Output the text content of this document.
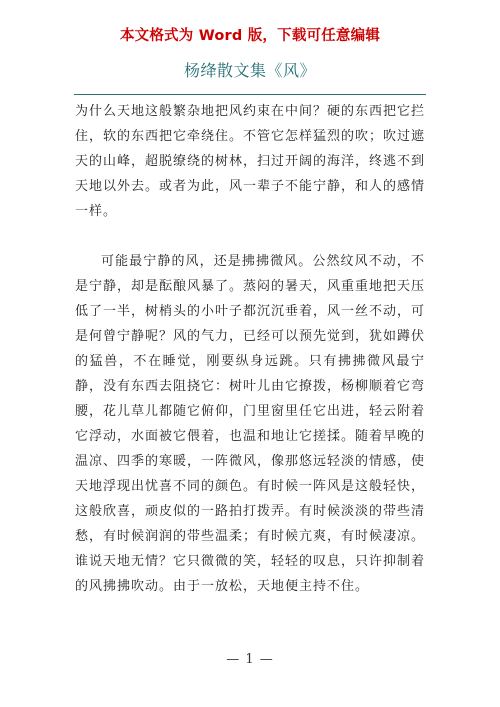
本文格式为 Word 版，下载可任意编辑
杨绛散文集《风》

为什么天地这般繁杂地把风约束在中间？硬的东西把它拦住，软的东西把它牵绕住。不管它怎样猛烈的吹；吹过遮天的山峰，超脱缭绕的树林，扫过开阔的海洋，终逃不到天地以外去。或者为此，风一辈子不能宁静，和人的感情一样。

可能最宁静的风，还是拂拂微风。公然纹风不动，不是宁静，却是酝酿风暴了。蒸闷的暑天，风重重地把天压低了一半，树梢头的小叶子都沉沉垂着，风一丝不动，可是何曾宁静呢？风的气力，已经可以预先觉到，犹如蹲伏的猛兽，不在睡觉，刚要纵身远跳。只有拂拂微风最宁静，没有东西去阻挠它：树叶儿由它撩拨，杨柳顺着它弯腰，花儿草儿都随它俯仰，门里窗里任它出进，轻云附着它浮动，水面被它偎着，也温和地让它搓揉。随着早晚的温凉、四季的寒暖，一阵微风，像那悠远轻淡的情感，使天地浮现出忧喜不同的颜色。有时候一阵风是这般轻快，这般欣喜，顽皮似的一路拍打拨弄。有时候淡淡的带些清愁，有时候润润的带些温柔；有时候亢爽，有时候凄凉。谁说天地无情？它只微微的笑，轻轻的叹息，只许抑制着的风拂拂吹动。由于一放松，天地便主持不住。

— 1 —
